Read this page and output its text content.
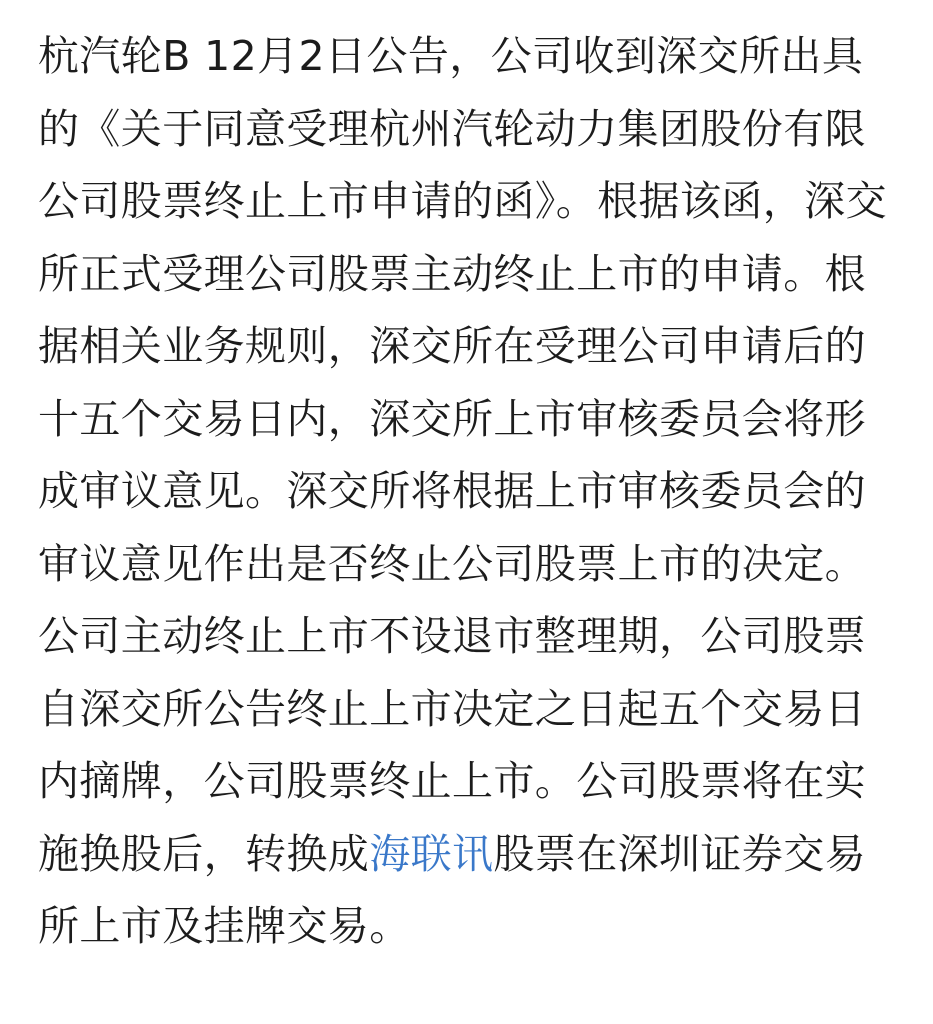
杭汽轮B 12月2日公告，公司收到深交所出具的《关于同意受理杭州汽轮动力集团股份有限公司股票终止上市申请的函》。根据该函，深交所正式受理公司股票主动终止上市的申请。根据相关业务规则，深交所在受理公司申请后的十五个交易日内，深交所上市审核委员会将形成审议意见。深交所将根据上市审核委员会的审议意见作出是否终止公司股票上市的决定。公司主动终止上市不设退市整理期，公司股票自深交所公告终止上市决定之日起五个交易日内摘牌，公司股票终止上市。公司股票将在实施换股后，转换成海联讯股票在深圳证券交易所上市及挂牌交易。
